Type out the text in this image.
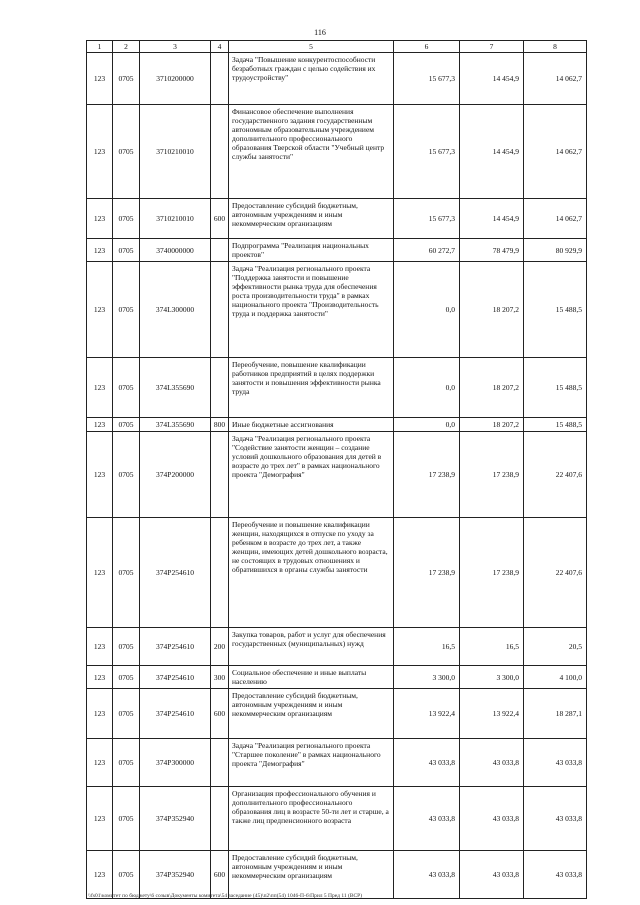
116
1	2	3	4	5	6	7	8
123	0705	3710200000		Задача "Повышение конкурентоспособности безработных граждан с целью содействия их трудоустройству"	15 677,3	14 454,9	14 062,7
123	0705	3710210010		Финансовое обеспечение выполнения государственного задания государственным автономным образовательным учреждением дополнительного профессионального образования Тверской области "Учебный центр службы занятости"	15 677,3	14 454,9	14 062,7
123	0705	3710210010	600	Предоставление субсидий бюджетным, автономным учреждениям и иным некоммерческим организациям	15 677,3	14 454,9	14 062,7
123	0705	3740000000		Подпрограмма "Реализация национальных проектов"	60 272,7	78 479,9	80 929,9
123	0705	374L300000		Задача "Реализация регионального проекта "Поддержка занятости и повышение эффективности рынка труда для обеспечения роста производительности труда" в рамках национального проекта "Производительность труда и поддержка занятости"	0,0	18 207,2	15 488,5
123	0705	374L355690		Переобучение, повышение квалификации работников предприятий в целях поддержки занятости и повышения эффективности рынка труда	0,0	18 207,2	15 488,5
123	0705	374L355690	800	Иные бюджетные ассигнования	0,0	18 207,2	15 488,5
123	0705	374P200000		Задача "Реализация регионального проекта "Содействие занятости женщин – создание условий дошкольного образования для детей в возрасте до трех лет" в рамках национального проекта "Демография"	17 238,9	17 238,9	22 407,6
123	0705	374P254610		Переобучение и повышение квалификации женщин, находящихся в отпуске по уходу за ребенком в возрасте до трех лет, а также женщин, имеющих детей дошкольного возраста, не состоящих в трудовых отношениях и обратившихся в органы службы занятости	17 238,9	17 238,9	22 407,6
123	0705	374P254610	200	Закупка товаров, работ и услуг для обеспечения государственных (муниципальных) нужд	16,5	16,5	20,5
123	0705	374P254610	300	Социальное обеспечение и иные выплаты населению	3 300,0	3 300,0	4 100,0
123	0705	374P254610	600	Предоставление субсидий бюджетным, автономным учреждениям и иным некоммерческим организациям	13 922,4	13 922,4	18 287,1
123	0705	374P300000		Задача "Реализация регионального проекта "Старшее поколение" в рамках национального проекта "Демография"	43 033,8	43 033,8	43 033,8
123	0705	374P352940		Организация профессионального обучения и дополнительного профессионального образования лиц в возрасте 50-ти лет и старше, а также лиц предпенсионного возраста	43 033,8	43 033,8	43 033,8
123	0705	374P352940	600	Предоставление субсидий бюджетным, автономным учреждениям и иным некоммерческим организациям	43 033,8	43 033,8	43 033,8
\\fs01\комитет по бюджету\6 созыв\Документы комитета\54 заседание (45)\п2\пп(54) 1046-П-6\Прил 5 Пред 11 (ВСР)
